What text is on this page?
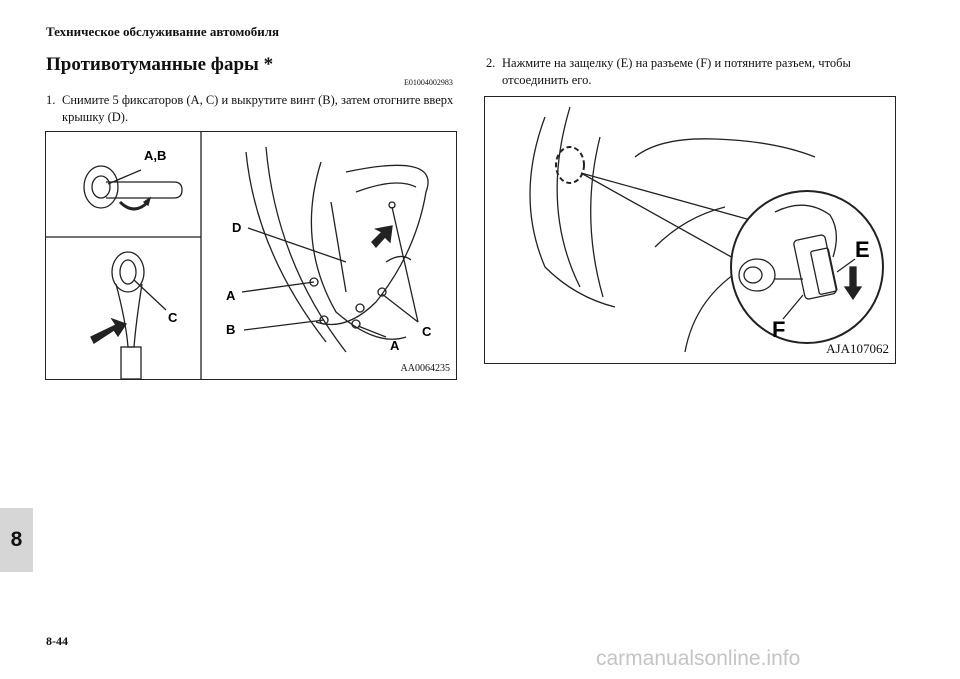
Техническое обслуживание автомобиля
Противотуманные фары *
E01004002983
1. Снимите 5 фиксаторов (A, C) и выкрутите винт (B), затем отогните вверх крышку (D).
2. Нажмите на защелку (E) на разъеме (F) и потяните разъем, чтобы отсоединить его.
A,B
C
D
A
B
A
C
AA0064235
E
F
AJA107062
8
8-44
carmanualsonline.info
